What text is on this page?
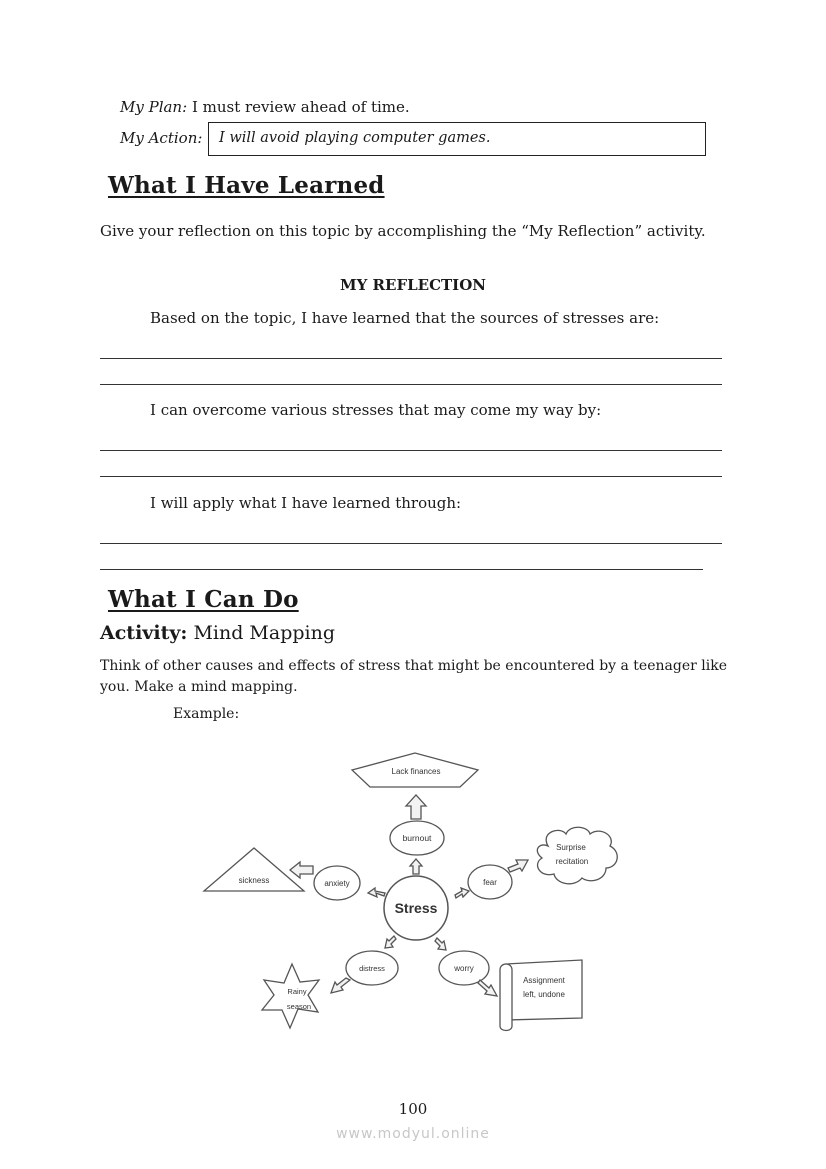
My Plan: I must review ahead of time.
My Action: I will avoid playing computer games.
What I Have Learned
Give your reflection on this topic by accomplishing the “My Reflection” activity.
MY REFLECTION
Based on the topic, I have learned that the sources of stresses are:
I can overcome various stresses that may come my way by:
I will apply what I have learned through:
What I Can Do
Activity: Mind Mapping
Think of other causes and effects of stress that might be encountered by a teenager like you. Make a mind mapping.
Example:
Lack finances
sickness
Surprise
recitation
Rainy
season
Assignment
left, undone
burnout
anxiety	fear
distress	worry
Stress
100
www.modyul.online
